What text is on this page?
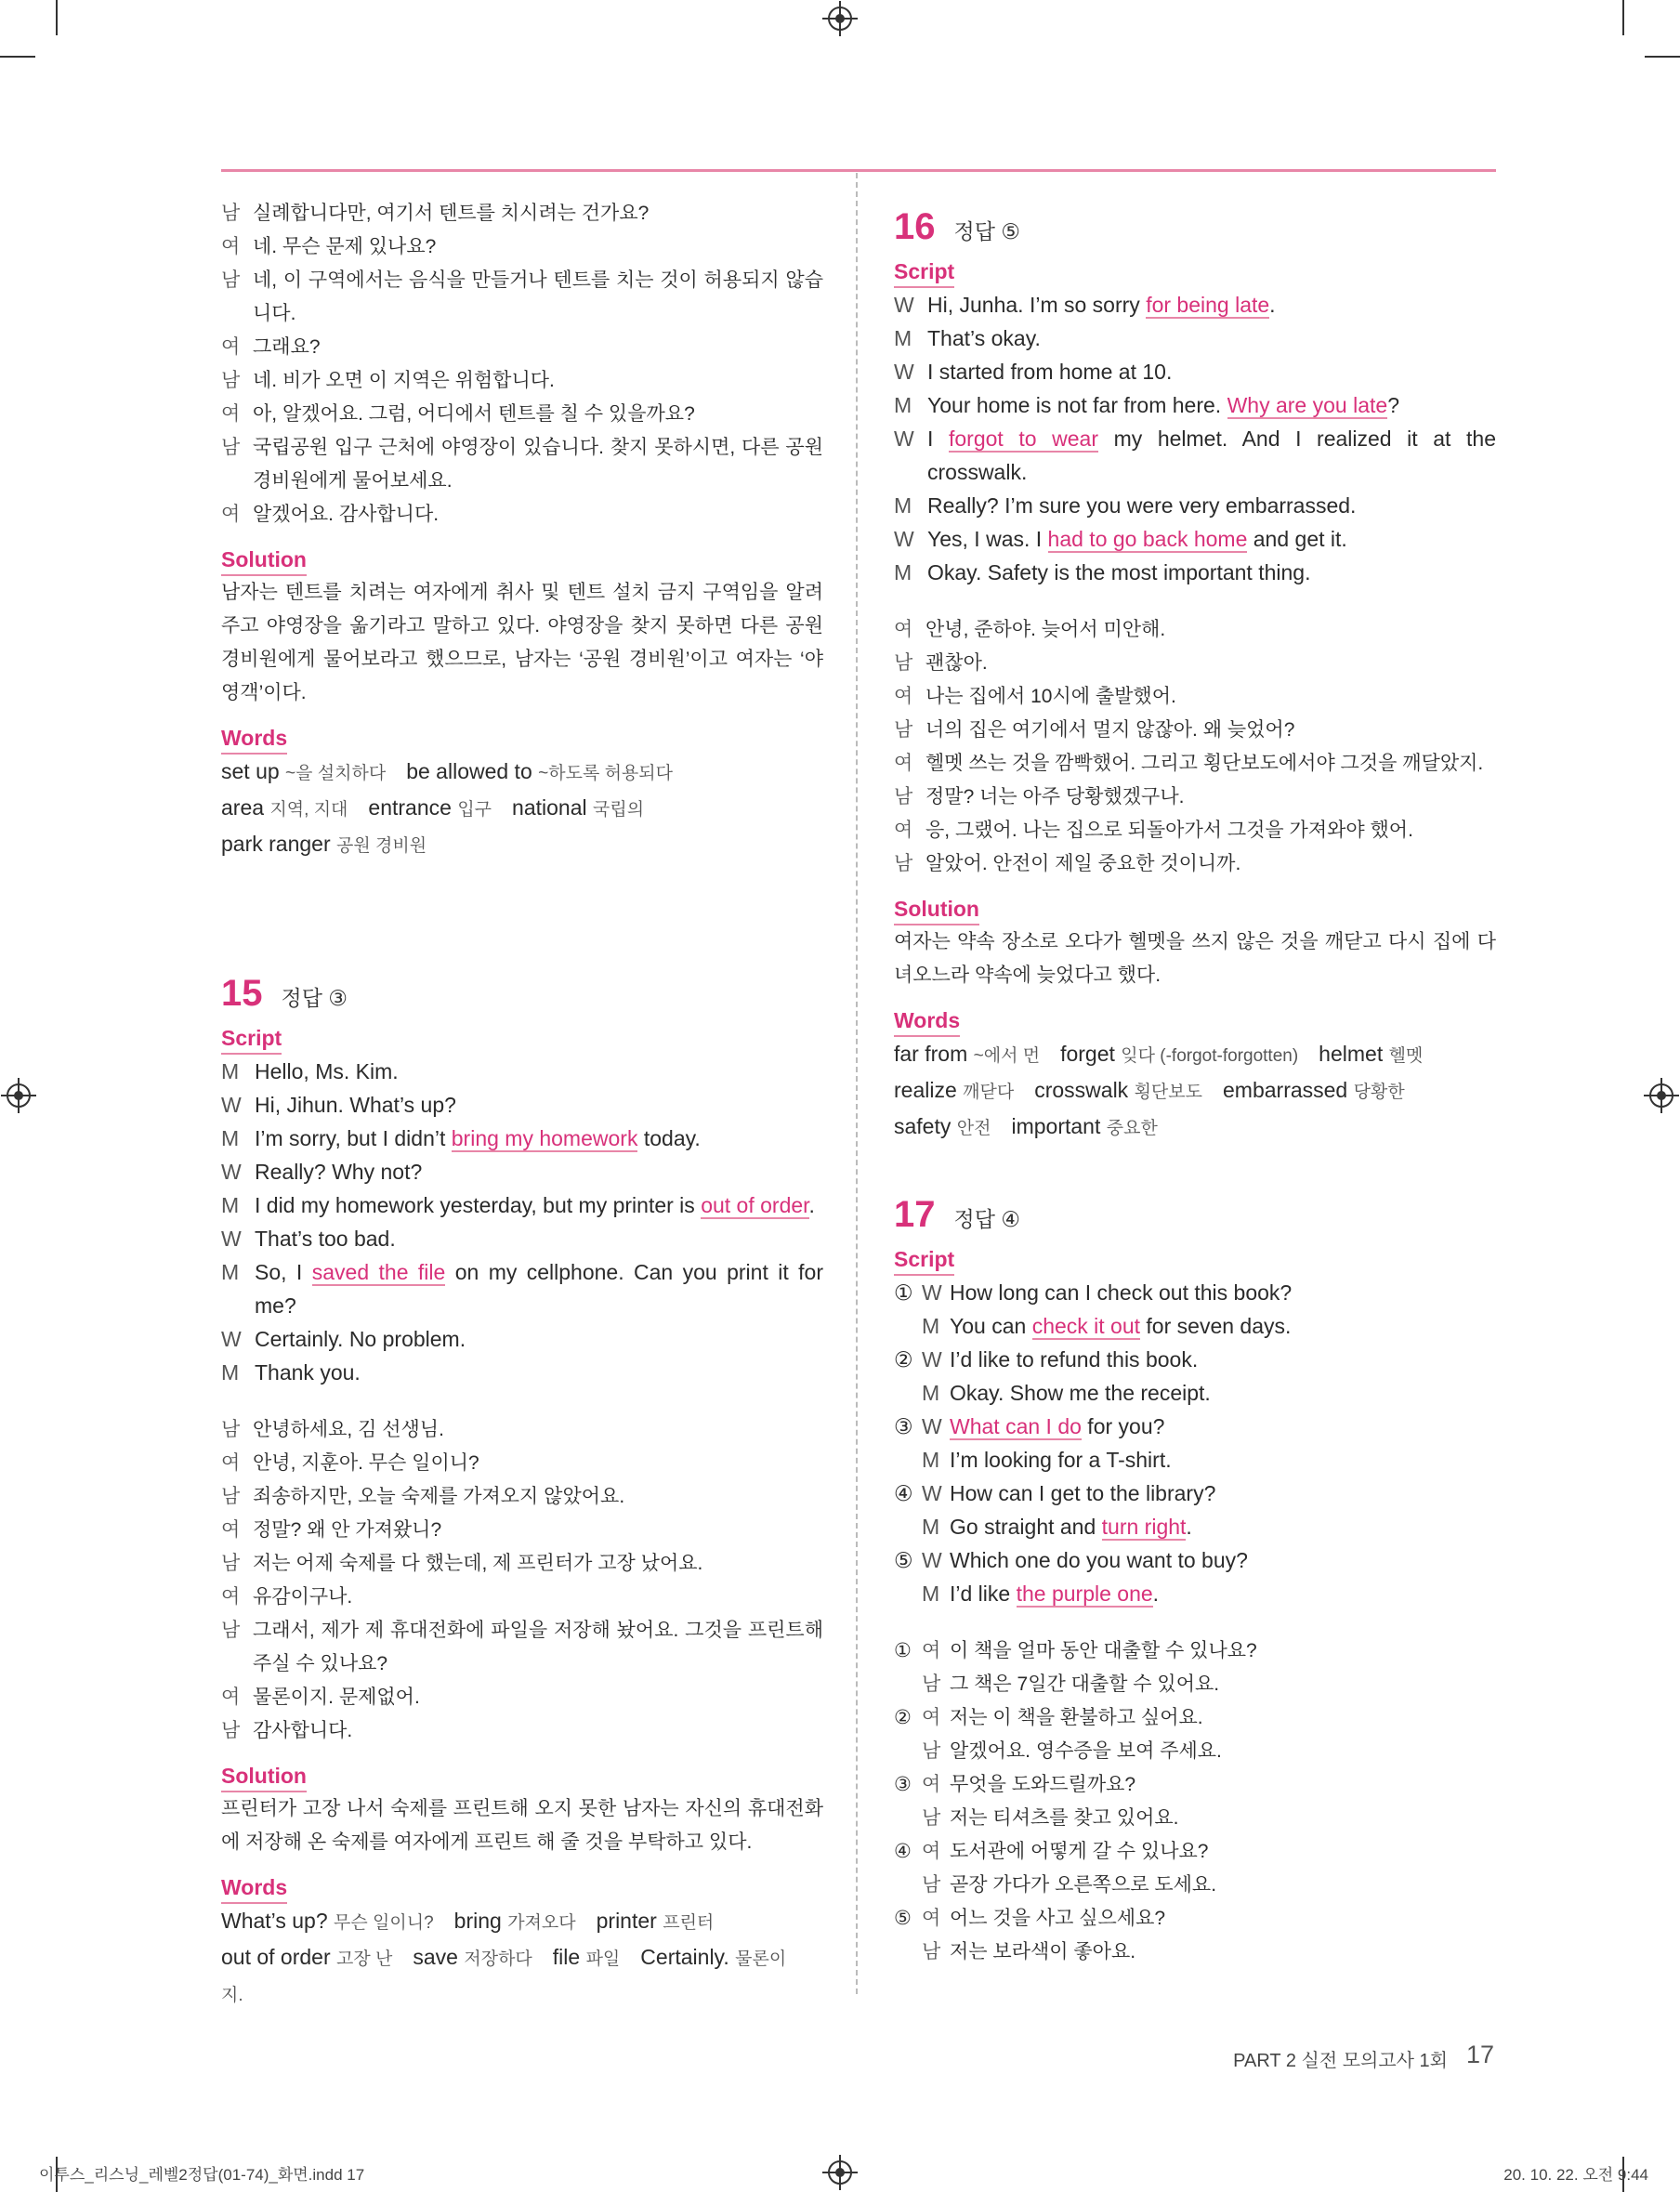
남 실례합니다만, 여기서 텐트를 치시려는 건가요?
여 네. 무슨 문제 있나요?
남 네, 이 구역에서는 음식을 만들거나 텐트를 치는 것이 허용되지 않습니다.
여 그래요?
남 네. 비가 오면 이 지역은 위험합니다.
여 아, 알겠어요. 그럼, 어디에서 텐트를 칠 수 있을까요?
남 국립공원 입구 근처에 야영장이 있습니다. 찾지 못하시면, 다른 공원 경비원에게 물어보세요.
여 알겠어요. 감사합니다.
Solution
남자는 텐트를 치려는 여자에게 취사 및 텐트 설치 금지 구역임을 알려 주고 야영장을 옮기라고 말하고 있다. 야영장을 찾지 못하면 다른 공원 경비원에게 물어보라고 했으므로, 남자는 ‘공원 경비원’이고 여자는 ‘야영객’이다.
Words
set up ~을 설치하다 be allowed to ~하도록 허용되다
area 지역, 지대 entrance 입구 national 국립의
park ranger 공원 경비원
15 정답 ③
Script
M Hello, Ms. Kim.
W Hi, Jihun. What’s up?
M I’m sorry, but I didn’t bring my homework today.
W Really? Why not?
M I did my homework yesterday, but my printer is out of order.
W That’s too bad.
M So, I saved the file on my cellphone. Can you print it for me?
W Certainly. No problem.
M Thank you.
남 안녕하세요, 김 선생님.
여 안녕, 지훈아. 무슨 일이니?
남 죄송하지만, 오늘 숙제를 가져오지 않았어요.
여 정말? 왜 안 가져왔니?
남 저는 어제 숙제를 다 했는데, 제 프린터가 고장 났어요.
여 유감이구나.
남 그래서, 제가 제 휴대전화에 파일을 저장해 놨어요. 그것을 프린트해 주실 수 있나요?
여 물론이지. 문제없어.
남 감사합니다.
Solution
프린터가 고장 나서 숙제를 프린트해 오지 못한 남자는 자신의 휴대전화에 저장해 온 숙제를 여자에게 프린트 해 줄 것을 부탁하고 있다.
Words
What’s up? 무슨 일이니? bring 가져오다 printer 프린터
out of order 고장 난 save 저장하다 file 파일 Certainly. 물론이지.
16 정답 ⑤
Script
W Hi, Junha. I’m so sorry for being late.
M That’s okay.
W I started from home at 10.
M Your home is not far from here. Why are you late?
W I forgot to wear my helmet. And I realized it at the crosswalk.
M Really? I’m sure you were very embarrassed.
W Yes, I was. I had to go back home and get it.
M Okay. Safety is the most important thing.
여 안녕, 준하야. 늦어서 미안해.
남 괜찮아.
여 나는 집에서 10시에 출발했어.
남 너의 집은 여기에서 멀지 않잖아. 왜 늦었어?
여 헬멧 쓰는 것을 깜빡했어. 그리고 횡단보도에서야 그것을 깨달았지.
남 정말? 너는 아주 당황했겠구나.
여 응, 그랬어. 나는 집으로 되돌아가서 그것을 가져와야 했어.
남 알았어. 안전이 제일 중요한 것이니까.
Solution
여자는 약속 장소로 오다가 헬멧을 쓰지 않은 것을 깨닫고 다시 집에 다녀오느라 약속에 늦었다고 했다.
Words
far from ~에서 먼 forget 잊다 (-forgot-forgotten) helmet 헬멧
realize 깨닫다 crosswalk 횡단보도 embarrassed 당황한
safety 안전 important 중요한
17 정답 ④
Script
① W How long can I check out this book?
M You can check it out for seven days.
② W I’d like to refund this book.
M Okay. Show me the receipt.
③ W What can I do for you?
M I’m looking for a T-shirt.
④ W How can I get to the library?
M Go straight and turn right.
⑤ W Which one do you want to buy?
M I’d like the purple one.
① 여 이 책을 얼마 동안 대출할 수 있나요?
남 그 책은 7일간 대출할 수 있어요.
② 여 저는 이 책을 환불하고 싶어요.
남 알겠어요. 영수증을 보여 주세요.
③ 여 무엇을 도와드릴까요?
남 저는 티셔츠를 찾고 있어요.
④ 여 도서관에 어떻게 갈 수 있나요?
남 곧장 가다가 오른쪽으로 도세요.
⑤ 여 어느 것을 사고 싶으세요?
남 저는 보라색이 좋아요.
PART 2 실전 모의고사 1회 17
이투스_리스닝_레벨2정답(01-74)_화면.indd 17	20. 10. 22. 오전 9:44
